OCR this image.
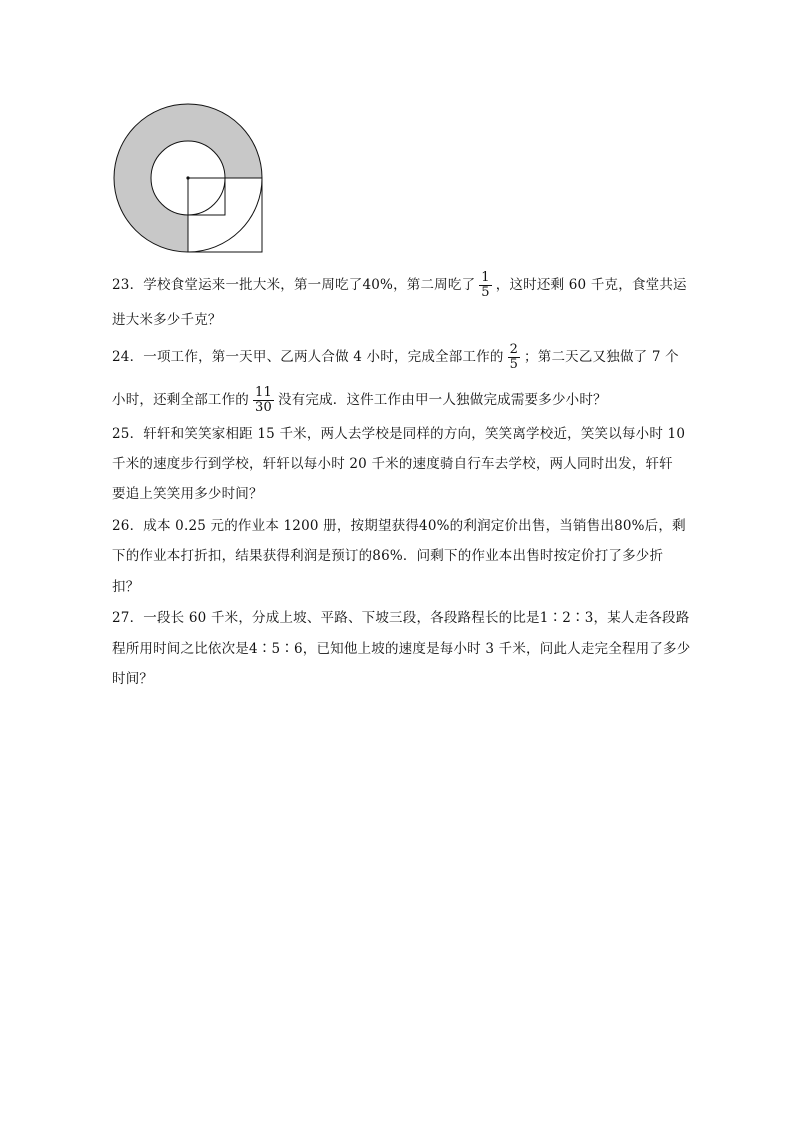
23．学校食堂运来一批大米，第一周吃了40%，第二周吃了 $\frac{1}{5}$ ，这时还剩 60 千克，食堂共运
进大米多少千克？
24．一项工作，第一天甲、乙两人合做 4 小时，完成全部工作的 $\frac{2}{5}$ ；第二天乙又独做了 7 个
小时，还剩全部工作的 $\frac{11}{30}$ 没有完成．这件工作由甲一人独做完成需要多少小时？
25．轩轩和笑笑家相距 15 千米，两人去学校是同样的方向，笑笑离学校近，笑笑以每小时 10
千米的速度步行到学校，轩轩以每小时 20 千米的速度骑自行车去学校，两人同时出发，轩轩
要追上笑笑用多少时间？
26．成本 0.25 元的作业本 1200 册，按期望获得40%的利润定价出售，当销售出80%后，剩
下的作业本打折扣，结果获得利润是预订的86%．问剩下的作业本出售时按定价打了多少折
扣？
27．一段长 60 千米，分成上坡、平路、下坡三段，各段路程长的比是1∶2∶3，某人走各段路
程所用时间之比依次是4∶5∶6，已知他上坡的速度是每小时 3 千米，问此人走完全程用了多少
时间？
